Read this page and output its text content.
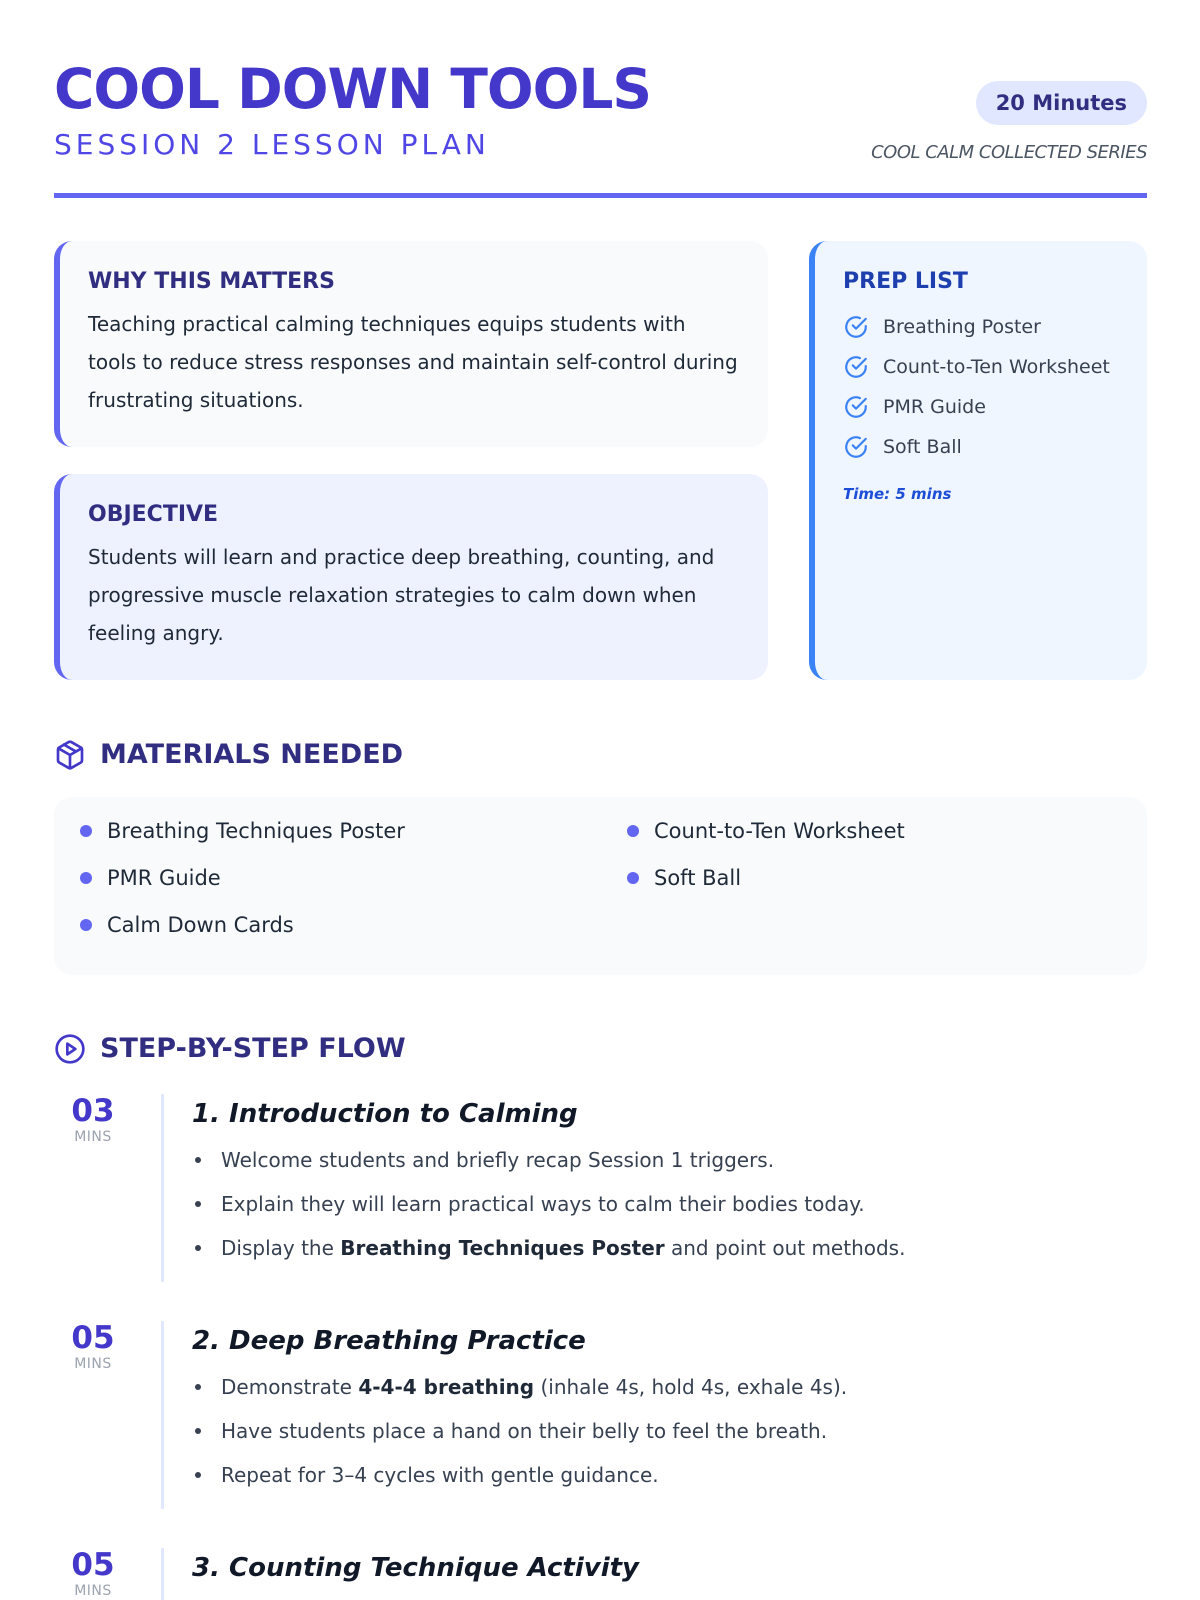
COOL DOWN TOOLS
SESSION 2 LESSON PLAN
20 Minutes
COOL CALM COLLECTED SERIES
WHY THIS MATTERS
Teaching practical calming techniques equips students with tools to reduce stress responses and maintain self-control during frustrating situations.
OBJECTIVE
Students will learn and practice deep breathing, counting, and progressive muscle relaxation strategies to calm down when feeling angry.
PREP LIST
Breathing Poster
Count-to-Ten Worksheet
PMR Guide
Soft Ball
Time: 5 mins
MATERIALS NEEDED
Breathing Techniques Poster	Count-to-Ten Worksheet
PMR Guide	Soft Ball
Calm Down Cards
STEP-BY-STEP FLOW
03
MINS
1. Introduction to Calming
Welcome students and briefly recap Session 1 triggers.
Explain they will learn practical ways to calm their bodies today.
Display the Breathing Techniques Poster and point out methods.
05
MINS
2. Deep Breathing Practice
Demonstrate 4-4-4 breathing (inhale 4s, hold 4s, exhale 4s).
Have students place a hand on their belly to feel the breath.
Repeat for 3–4 cycles with gentle guidance.
05
MINS
3. Counting Technique Activity
